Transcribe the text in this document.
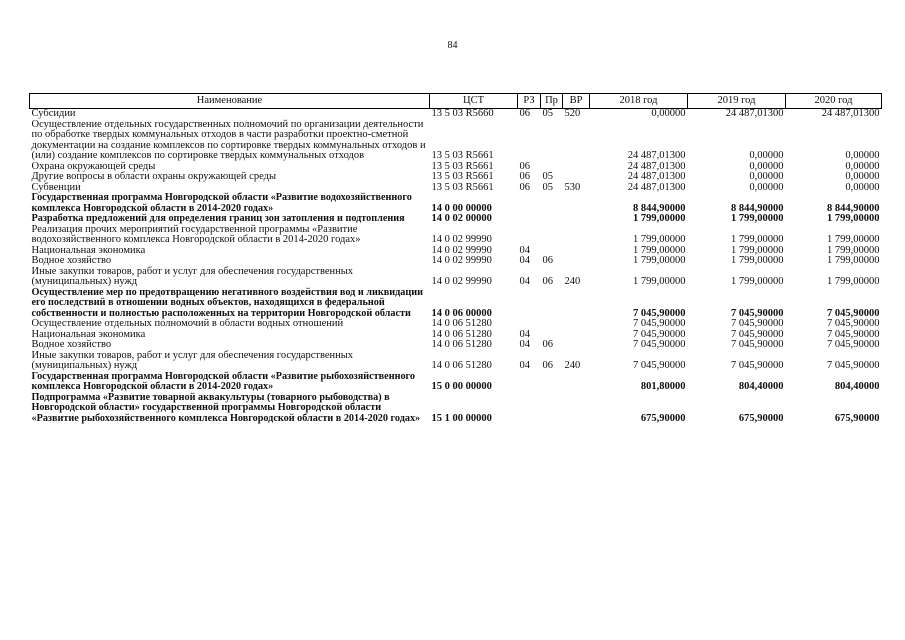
84
Наименование	ЦСТ	РЗ	Пр	ВР	2018 год	2019 год	2020 год
Субсидии	13 5 03 R5660	06	05	520	0,00000	24 487,01300	24 487,01300
Осуществление отдельных государственных полномочий по организации деятельности по обработке твердых коммунальных отходов в части разработки проектно-сметной документации на создание комплексов по сортировке твердых коммунальных отходов и (или) создание комплексов по сортировке твердых коммунальных отходов	13 5 03 R5661				24 487,01300	0,00000	0,00000
Охрана окружающей среды	13 5 03 R5661	06			24 487,01300	0,00000	0,00000
Другие вопросы в области охраны окружающей среды	13 5 03 R5661	06	05		24 487,01300	0,00000	0,00000
Субвенции	13 5 03 R5661	06	05	530	24 487,01300	0,00000	0,00000
Государственная программа Новгородской области «Развитие водохозяйственного комплекса Новгородской области в 2014-2020 годах»	14 0 00 00000				8 844,90000	8 844,90000	8 844,90000
Разработка предложений для определения границ зон затопления и подтопления	14 0 02 00000				1 799,00000	1 799,00000	1 799,00000
Реализация прочих мероприятий государственной программы «Развитие водохозяйственного комплекса Новгородской области в 2014-2020 годах»	14 0 02 99990				1 799,00000	1 799,00000	1 799,00000
Национальная экономика	14 0 02 99990	04			1 799,00000	1 799,00000	1 799,00000
Водное хозяйство	14 0 02 99990	04	06		1 799,00000	1 799,00000	1 799,00000
Иные закупки товаров, работ и услуг для обеспечения государственных (муниципальных) нужд	14 0 02 99990	04	06	240	1 799,00000	1 799,00000	1 799,00000
Осуществление мер по предотвращению негативного воздействия вод и ликвидации его последствий в отношении водных объектов, находящихся в федеральной собственности и полностью расположенных на территории Новгородской области	14 0 06 00000				7 045,90000	7 045,90000	7 045,90000
Осуществление отдельных полномочий в области водных отношений	14 0 06 51280				7 045,90000	7 045,90000	7 045,90000
Национальная экономика	14 0 06 51280	04			7 045,90000	7 045,90000	7 045,90000
Водное хозяйство	14 0 06 51280	04	06		7 045,90000	7 045,90000	7 045,90000
Иные закупки товаров, работ и услуг для обеспечения государственных (муниципальных) нужд	14 0 06 51280	04	06	240	7 045,90000	7 045,90000	7 045,90000
Государственная программа Новгородской области «Развитие рыбохозяйственного комплекса Новгородской области в 2014-2020 годах»	15 0 00 00000				801,80000	804,40000	804,40000
Подпрограмма «Развитие товарной аквакультуры (товарного рыбоводства) в Новгородской области» государственной программы Новгородской области «Развитие рыбохозяйственного комплекса Новгородской области в 2014-2020 годах»	15 1 00 00000				675,90000	675,90000	675,90000
